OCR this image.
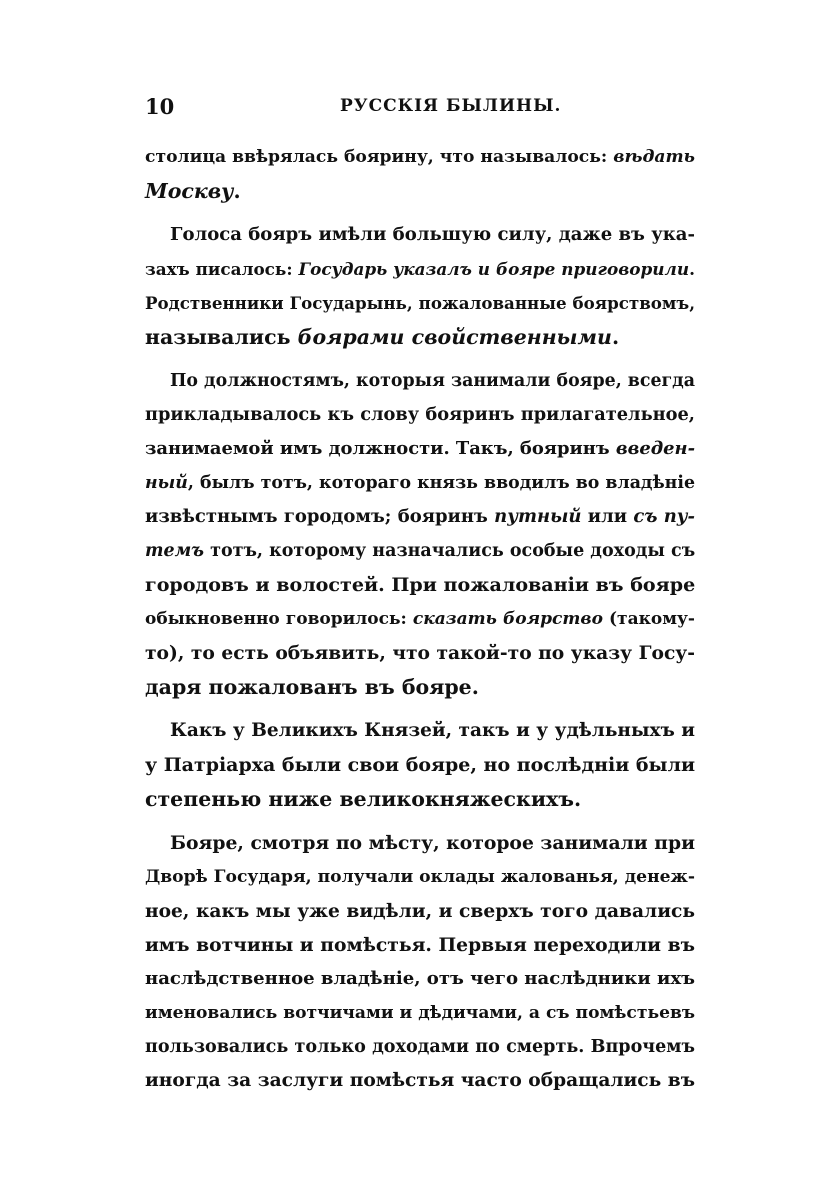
10	РУССКІЯ БЫЛИНЫ.
столица ввѣрялась боярину, что называлось: вѣдать
Москву.
Голоса бояръ имѣли большую силу, даже въ ука-
захъ писалось: Государь указалъ и бояре приговорили.
Родственники Государынь, пожалованные боярствомъ,
назывались боярами свойственными.
По должностямъ, которыя занимали бояре, всегда
прикладывалось къ слову бояринъ прилагательное,
занимаемой имъ должности. Такъ, бояринъ введен-
ный, былъ тотъ, котораго князь вводилъ во владѣніе
извѣстнымъ городомъ; бояринъ путный или съ пу-
темъ тотъ, которому назначались особые доходы съ
городовъ и волостей. При пожалованіи въ бояре
обыкновенно говорилось: сказать боярство (такому-
то), то есть объявить, что такой-то по указу Госу-
даря пожалованъ въ бояре.
Какъ у Великихъ Князей, такъ и у удѣльныхъ и
у Патріарха были свои бояре, но послѣдніи были
степенью ниже великокняжескихъ.
Бояре, смотря по мѣсту, которое занимали при
Дворѣ Государя, получали оклады жалованья, денеж-
ное, какъ мы уже видѣли, и сверхъ того давались
имъ вотчины и помѣстья. Первыя переходили въ
наслѣдственное владѣніе, отъ чего наслѣдники ихъ
именовались вотчичами и дѣдичами, а съ помѣстьевъ
пользовались только доходами по смерть. Впрочемъ
иногда за заслуги помѣстья часто обращались въ
